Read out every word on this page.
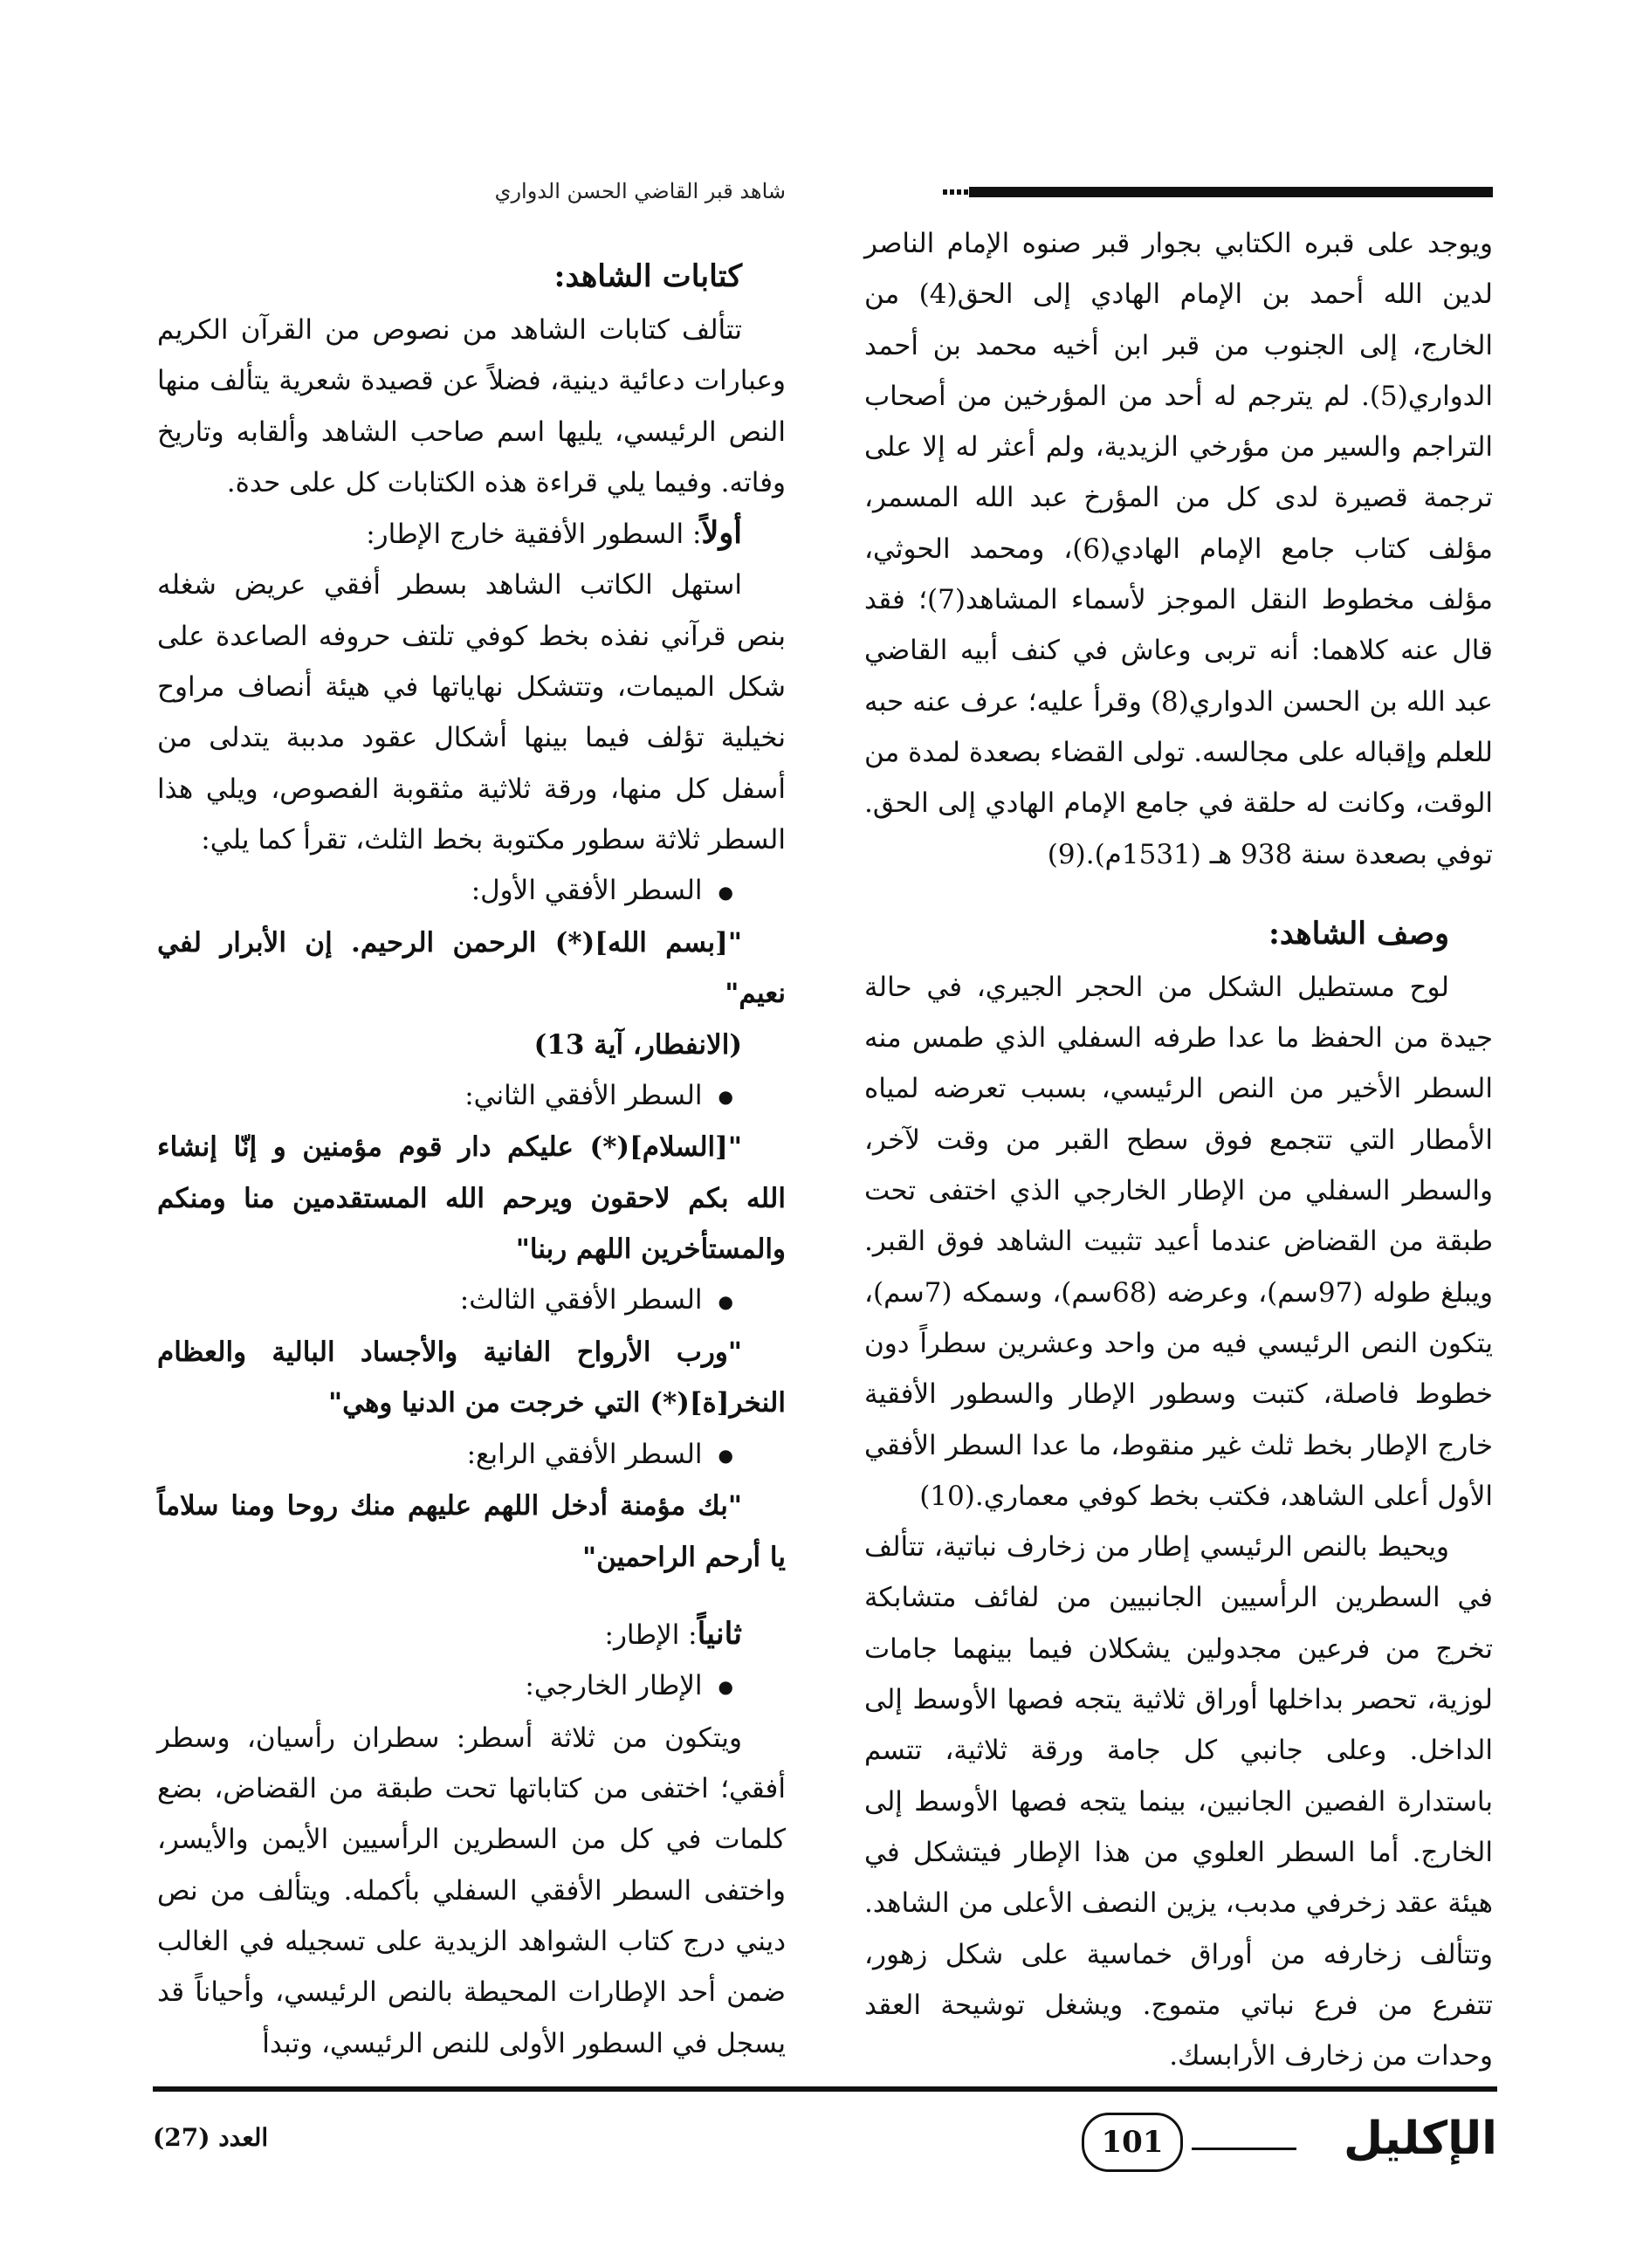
شاهد قبر القاضي الحسن الدواري

ويوجد على قبره الكتابي بجوار قبر صنوه الإمام الناصر لدين الله أحمد بن الإمام الهادي إلى الحق(4) من الخارج، إلى الجنوب من قبر ابن أخيه محمد بن أحمد الدواري(5). لم يترجم له أحد من المؤرخين من أصحاب التراجم والسير من مؤرخي الزيدية، ولم أعثر له إلا على ترجمة قصيرة لدى كل من المؤرخ عبد الله المسمر، مؤلف كتاب جامع الإمام الهادي(6)، ومحمد الحوثي، مؤلف مخطوط النقل الموجز لأسماء المشاهد(7)؛ فقد قال عنه كلاهما: أنه تربى وعاش في كنف أبيه القاضي عبد الله بن الحسن الدواري(8) وقرأ عليه؛ عرف عنه حبه للعلم وإقباله على مجالسه. تولى القضاء بصعدة لمدة من الوقت، وكانت له حلقة في جامع الإمام الهادي إلى الحق. توفي بصعدة سنة 938 هـ (1531م).(9)

وصف الشاهد:

لوح مستطيل الشكل من الحجر الجيري، في حالة جيدة من الحفظ ما عدا طرفه السفلي الذي طمس منه السطر الأخير من النص الرئيسي، بسبب تعرضه لمياه الأمطار التي تتجمع فوق سطح القبر من وقت لآخر، والسطر السفلي من الإطار الخارجي الذي اختفى تحت طبقة من القضاض عندما أعيد تثبيت الشاهد فوق القبر. ويبلغ طوله (97سم)، وعرضه (68سم)، وسمكه (7سم)، يتكون النص الرئيسي فيه من واحد وعشرين سطراً دون خطوط فاصلة، كتبت وسطور الإطار والسطور الأفقية خارج الإطار بخط ثلث غير منقوط، ما عدا السطر الأفقي الأول أعلى الشاهد، فكتب بخط كوفي معماري.(10)

ويحيط بالنص الرئيسي إطار من زخارف نباتية، تتألف في السطرين الرأسيين الجانبيين من لفائف متشابكة تخرج من فرعين مجدولين يشكلان فيما بينهما جامات لوزية، تحصر بداخلها أوراق ثلاثية يتجه فصها الأوسط إلى الداخل. وعلى جانبي كل جامة ورقة ثلاثية، تتسم باستدارة الفصين الجانبين، بينما يتجه فصها الأوسط إلى الخارج. أما السطر العلوي من هذا الإطار فيتشكل في هيئة عقد زخرفي مدبب، يزين النصف الأعلى من الشاهد. وتتألف زخارفه من أوراق خماسية على شكل زهور، تتفرع من فرع نباتي متموج. ويشغل توشيحة العقد وحدات من زخارف الأرابسك.

كتابات الشاهد:

تتألف كتابات الشاهد من نصوص من القرآن الكريم وعبارات دعائية دينية، فضلاً عن قصيدة شعرية يتألف منها النص الرئيسي، يليها اسم صاحب الشاهد وألقابه وتاريخ وفاته. وفيما يلي قراءة هذه الكتابات كل على حدة.

أولاً: السطور الأفقية خارج الإطار:

استهل الكاتب الشاهد بسطر أفقي عريض شغله بنص قرآني نفذه بخط كوفي تلتف حروفه الصاعدة على شكل الميمات، وتتشكل نهاياتها في هيئة أنصاف مراوح نخيلية تؤلف فيما بينها أشكال عقود مدببة يتدلى من أسفل كل منها، ورقة ثلاثية مثقوبة الفصوص، ويلي هذا السطر ثلاثة سطور مكتوبة بخط الثلث، تقرأ كما يلي:

● السطر الأفقي الأول:

"[بسم الله](*) الرحمن الرحيم. إن الأبرار لفي نعيم"

(الانفطار، آية 13)

● السطر الأفقي الثاني:

"[السلام](*) عليكم دار قوم مؤمنين و إنّا إنشاء الله بكم لاحقون ويرحم الله المستقدمين منا ومنكم والمستأخرين اللهم ربنا"

● السطر الأفقي الثالث:

"ورب الأرواح الفانية والأجساد البالية والعظام النخر[ة](*) التي خرجت من الدنيا وهي"

● السطر الأفقي الرابع:

"بك مؤمنة أدخل اللهم عليهم منك روحا ومنا سلاماً يا أرحم الراحمين"

ثانياً: الإطار:

● الإطار الخارجي:

ويتكون من ثلاثة أسطر: سطران رأسيان، وسطر أفقي؛ اختفى من كتاباتها تحت طبقة من القضاض، بضع كلمات في كل من السطرين الرأسيين الأيمن والأيسر، واختفى السطر الأفقي السفلي بأكمله. ويتألف من نص ديني درج كتاب الشواهد الزيدية على تسجيله في الغالب ضمن أحد الإطارات المحيطة بالنص الرئيسي، وأحياناً قد يسجل في السطور الأولى للنص الرئيسي، وتبدأ

الإكليل
101
العدد (27)
